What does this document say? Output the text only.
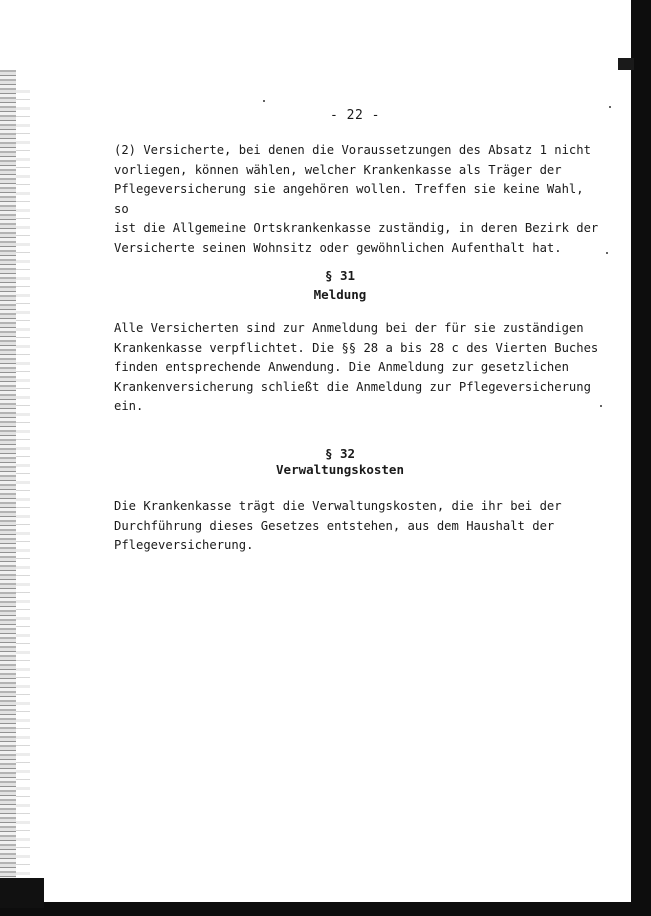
- 22 -

(2) Versicherte, bei denen die Voraussetzungen des Absatz 1 nicht
vorliegen, können wählen, welcher Krankenkasse als Träger der
Pflegeversicherung sie angehören wollen. Treffen sie keine Wahl, so
ist die Allgemeine Ortskrankenkasse zuständig, in deren Bezirk der
Versicherte seinen Wohnsitz oder gewöhnlichen Aufenthalt hat.

§ 31
Meldung

Alle Versicherten sind zur Anmeldung bei der für sie zuständigen
Krankenkasse verpflichtet. Die §§ 28 a bis 28 c des Vierten Buches
finden entsprechende Anwendung. Die Anmeldung zur gesetzlichen
Krankenversicherung schließt die Anmeldung zur Pflegeversicherung
ein.

§ 32
Verwaltungskosten

Die Krankenkasse trägt die Verwaltungskosten, die ihr bei der
Durchführung dieses Gesetzes entstehen, aus dem Haushalt der
Pflegeversicherung.
